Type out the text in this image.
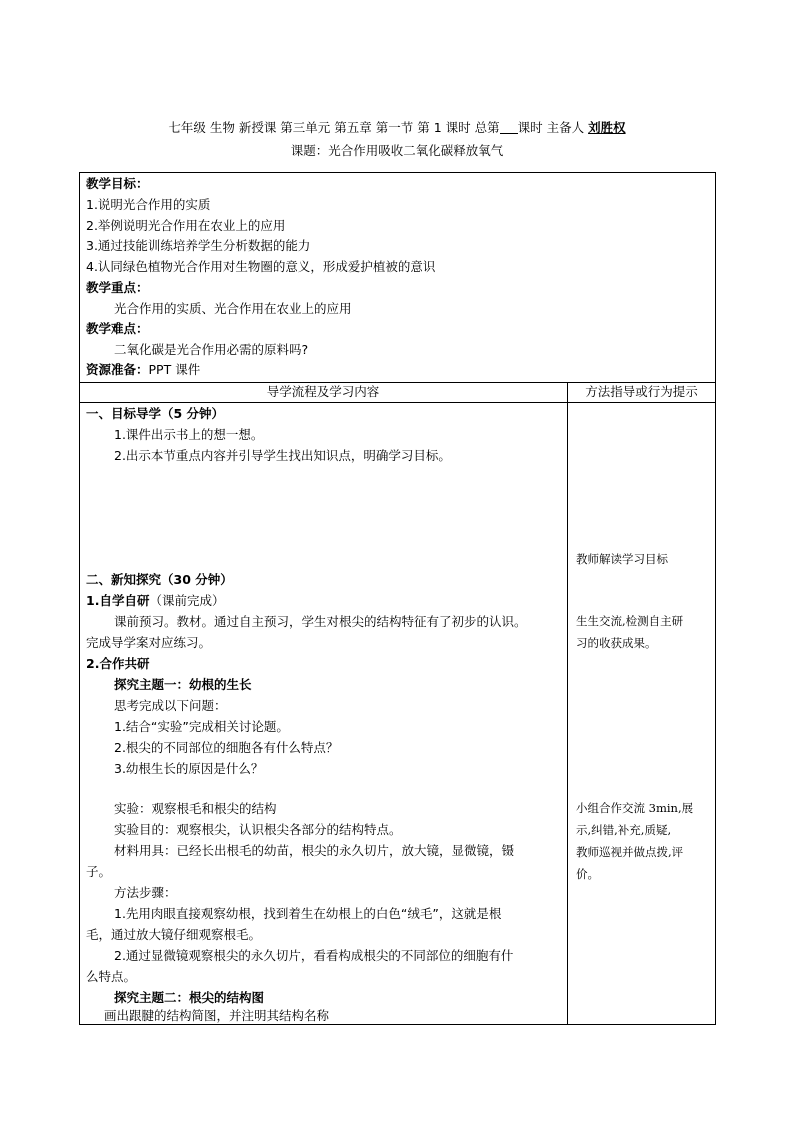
七年级 生物 新授课 第三单元 第五章 第一节 第 1 课时 总第 课时 主备人 刘胜权
课题：光合作用吸收二氧化碳释放氧气
教学目标：
1.说明光合作用的实质
2.举例说明光合作用在农业上的应用
3.通过技能训练培养学生分析数据的能力
4.认同绿色植物光合作用对生物圈的意义，形成爱护植被的意识
教学重点：
光合作用的实质、光合作用在农业上的应用
教学难点：
二氧化碳是光合作用必需的原料吗?
资源准备：PPT 课件
导学流程及学习内容	方法指导或行为提示
一、目标导学（5 分钟）
1.课件出示书上的想一想。
2.出示本节重点内容并引导学生找出知识点，明确学习目标。
二、新知探究（30 分钟）
1.自学自研（课前完成）
课前预习。教材。通过自主预习，学生对根尖的结构特征有了初步的认识。
完成导学案对应练习。
2.合作共研
探究主题一：幼根的生长
思考完成以下问题：
1.结合“实验”完成相关讨论题。
2.根尖的不同部位的细胞各有什么特点？
3.幼根生长的原因是什么？
实验：观察根毛和根尖的结构
实验目的：观察根尖，认识根尖各部分的结构特点。
材料用具：已经长出根毛的幼苗，根尖的永久切片，放大镜，显微镜，镊
子。
方法步骤：
1.先用肉眼直接观察幼根，找到着生在幼根上的白色“绒毛”，这就是根
毛，通过放大镜仔细观察根毛。
2.通过显微镜观察根尖的永久切片，看看构成根尖的不同部位的细胞有什
么特点。
探究主题二：根尖的结构图
画出跟腱的结构简图，并注明其结构名称
教师解读学习目标
生生交流,检测自主研
习的收获成果。
小组合作交流 3min,展
示,纠错,补充,质疑,
教师巡视并做点拨,评
价。
